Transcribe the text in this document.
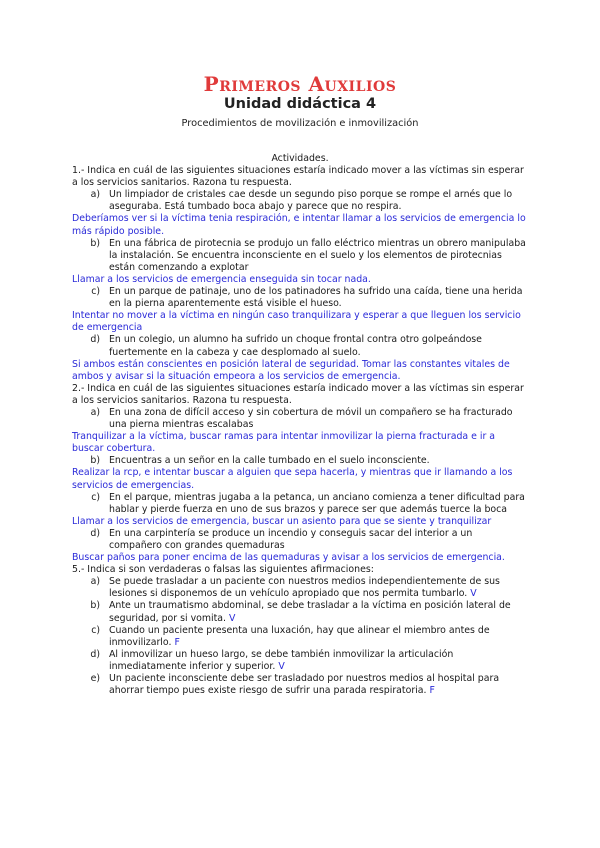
Primeros Auxilios
Unidad didáctica 4
Procedimientos de movilización e inmovilización
Actividades.

1.- Indica en cuál de las siguientes situaciones estaría indicado mover a las víctimas sin esperar a los servicios sanitarios. Razona tu respuesta.

a) Un limpiador de cristales cae desde un segundo piso porque se rompe el arnés que lo aseguraba. Está tumbado boca abajo y parece que no respira.

Deberíamos ver si la víctima tenia respiración, e intentar llamar a los servicios de emergencia lo más rápido posible.

b) En una fábrica de pirotecnia se produjo un fallo eléctrico mientras un obrero manipulaba la instalación. Se encuentra inconsciente en el suelo y los elementos de pirotecnias están comenzando a explotar

Llamar a los servicios de emergencia enseguida sin tocar nada.

c) En un parque de patinaje, uno de los patinadores ha sufrido una caída, tiene una herida en la pierna aparentemente está visible el hueso.

Intentar no mover a la víctima en ningún caso tranquilizara y esperar a que lleguen los servicio de emergencia

d) En un colegio, un alumno ha sufrido un choque frontal contra otro golpeándose fuertemente en la cabeza y cae desplomado al suelo.

Si ambos están conscientes en posición lateral de seguridad. Tomar las constantes vitales de ambos y avisar si la situación empeora a los servicios de emergencia.

2.- Indica en cuál de las siguientes situaciones estaría indicado mover a las víctimas sin esperar a los servicios sanitarios. Razona tu respuesta.

a) En una zona de difícil acceso y sin cobertura de móvil un compañero se ha fracturado una pierna mientras escalabas

Tranquilizar a la víctima, buscar ramas para intentar inmovilizar la pierna fracturada e ir a buscar cobertura.

b) Encuentras a un señor en la calle tumbado en el suelo inconsciente.

Realizar la rcp, e intentar buscar a alguien que sepa hacerla, y mientras que ir llamando a los servicios de emergencias.

c) En el parque, mientras jugaba a la petanca, un anciano comienza a tener dificultad para hablar y pierde fuerza en uno de sus brazos y parece ser que además tuerce la boca

Llamar a los servicios de emergencia, buscar un asiento para que se siente y tranquilizar

d) En una carpintería se produce un incendio y conseguis sacar del interior a un compañero con grandes quemaduras

Buscar paños para poner encima de las quemaduras y avisar a los servicios de emergencia.

5.- Indica si son verdaderas o falsas las siguientes afirmaciones:

a) Se puede trasladar a un paciente con nuestros medios independientemente de sus lesiones si disponemos de un vehículo apropiado que nos permita tumbarlo. V
b) Ante un traumatismo abdominal, se debe trasladar a la víctima en posición lateral de seguridad, por si vomita. V
c) Cuando un paciente presenta una luxación, hay que alinear el miembro antes de inmovilizarlo. F
d) Al inmovilizar un hueso largo, se debe también inmovilizar la articulación inmediatamente inferior y superior. V
e) Un paciente inconsciente debe ser trasladado por nuestros medios al hospital para ahorrar tiempo pues existe riesgo de sufrir una parada respiratoria. F
